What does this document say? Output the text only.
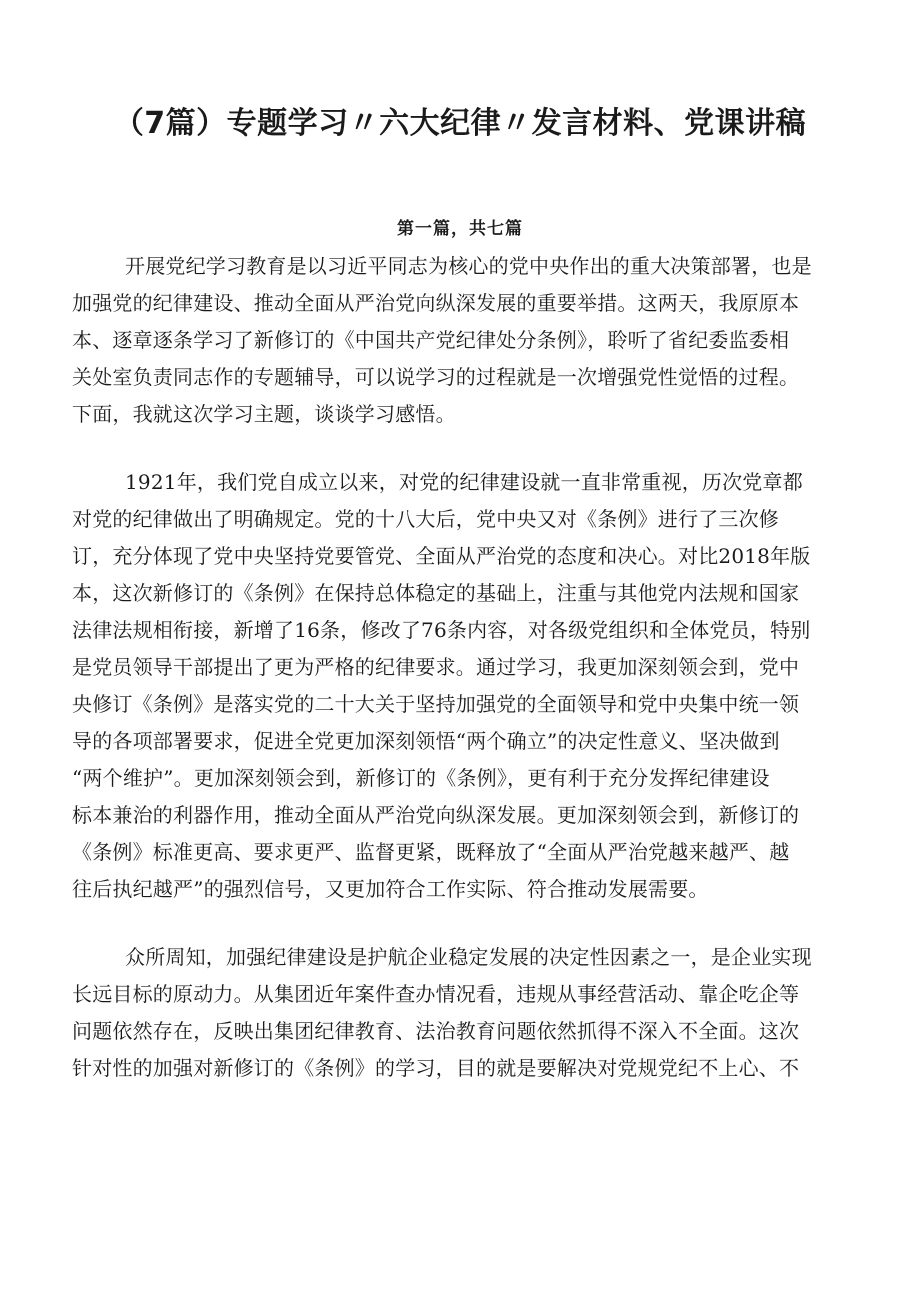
（7篇）专题学习〃六大纪律〃发言材料、党课讲稿
第一篇，共七篇
开展党纪学习教育是以习近平同志为核心的党中央作出的重大决策部署，也是
加强党的纪律建设、推动全面从严治党向纵深发展的重要举措。这两天，我原原本
本、逐章逐条学习了新修订的《中国共产党纪律处分条例》，聆听了省纪委监委相
关处室负责同志作的专题辅导，可以说学习的过程就是一次增强党性觉悟的过程。
下面，我就这次学习主题，谈谈学习感悟。
1921年，我们党自成立以来，对党的纪律建设就一直非常重视，历次党章都
对党的纪律做出了明确规定。党的十八大后，党中央又对《条例》进行了三次修
订，充分体现了党中央坚持党要管党、全面从严治党的态度和决心。对比2018年版
本，这次新修订的《条例》在保持总体稳定的基础上，注重与其他党内法规和国家
法律法规相衔接，新增了16条，修改了76条内容，对各级党组织和全体党员，特别
是党员领导干部提出了更为严格的纪律要求。通过学习，我更加深刻领会到，党中
央修订《条例》是落实党的二十大关于坚持加强党的全面领导和党中央集中统一领
导的各项部署要求，促进全党更加深刻领悟“两个确立”的决定性意义、坚决做到
“两个维护”。更加深刻领会到，新修订的《条例》，更有利于充分发挥纪律建设
标本兼治的利器作用，推动全面从严治党向纵深发展。更加深刻领会到，新修订的
《条例》标准更高、要求更严、监督更紧，既释放了“全面从严治党越来越严、越
往后执纪越严”的强烈信号，又更加符合工作实际、符合推动发展需要。
众所周知，加强纪律建设是护航企业稳定发展的决定性因素之一，是企业实现
长远目标的原动力。从集团近年案件查办情况看，违规从事经营活动、靠企吃企等
问题依然存在，反映出集团纪律教育、法治教育问题依然抓得不深入不全面。这次
针对性的加强对新修订的《条例》的学习，目的就是要解决对党规党纪不上心、不
